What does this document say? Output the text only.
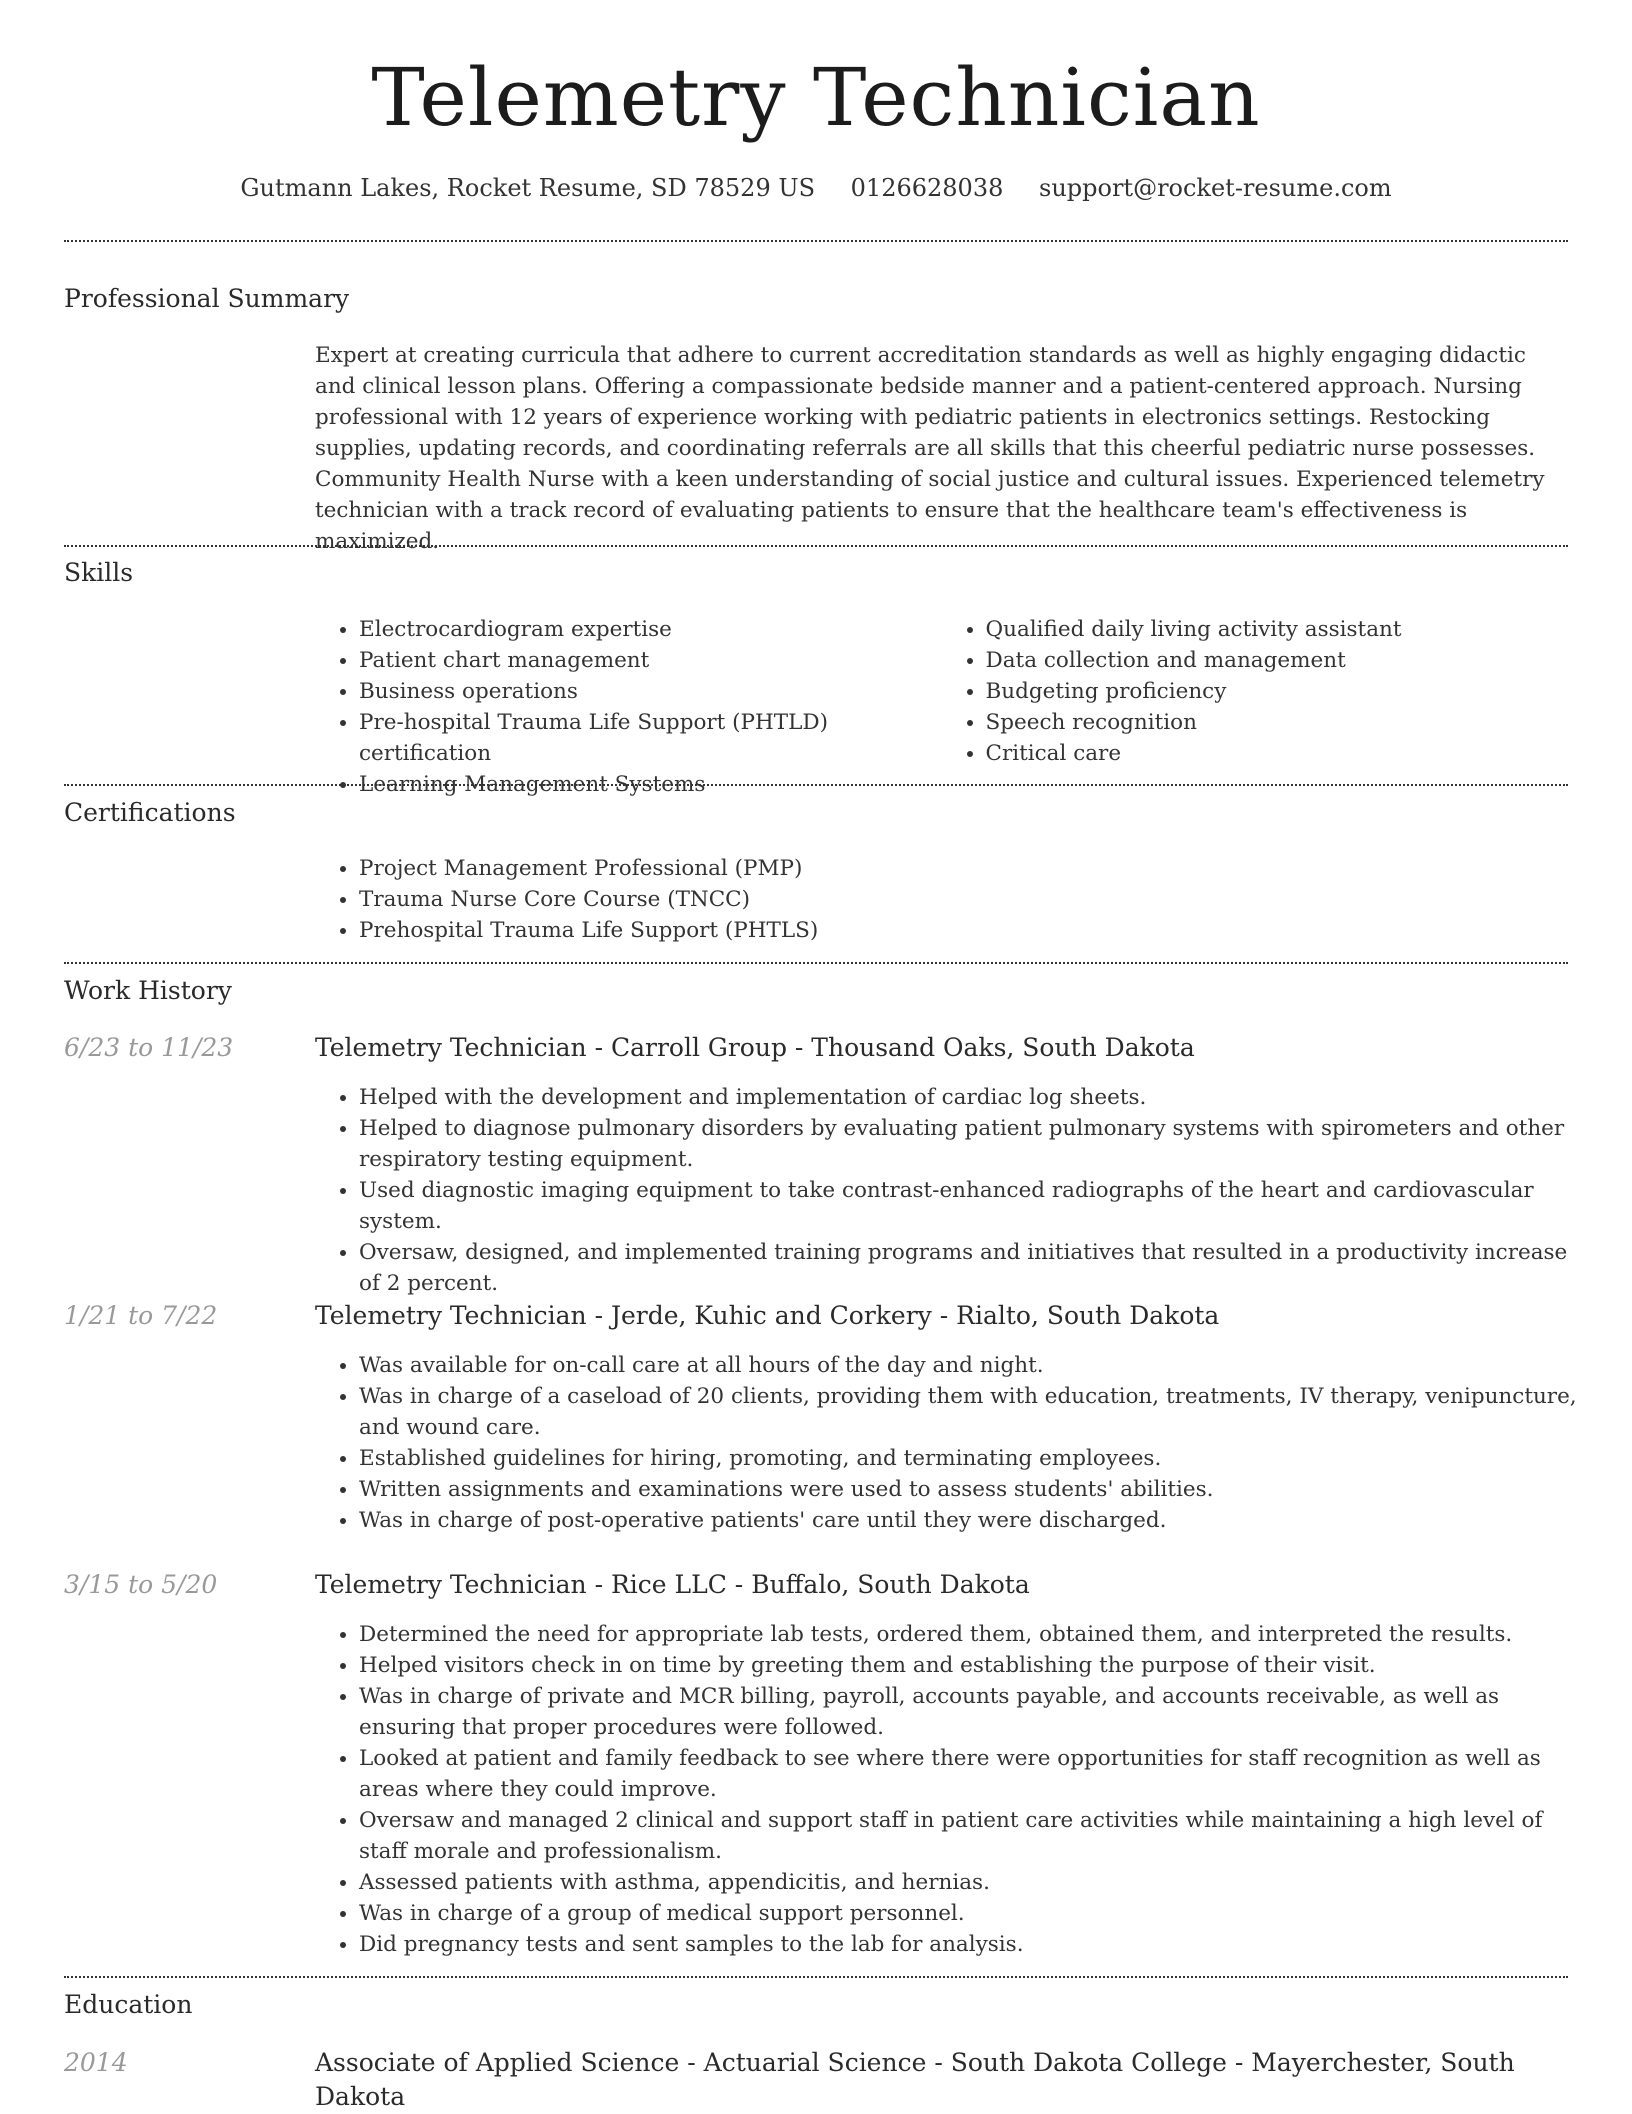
Telemetry Technician
Gutmann Lakes, Rocket Resume, SD 78529 US 0126628038 support@rocket-resume.com
Professional Summary

Expert at creating curricula that adhere to current accreditation standards as well as highly engaging didactic and clinical lesson plans. Offering a compassionate bedside manner and a patient-centered approach. Nursing professional with 12 years of experience working with pediatric patients in electronics settings. Restocking supplies, updating records, and coordinating referrals are all skills that this cheerful pediatric nurse possesses. Community Health Nurse with a keen understanding of social justice and cultural issues. Experienced telemetry technician with a track record of evaluating patients to ensure that the healthcare team's effectiveness is maximized.

Skills
• Electrocardiogram expertise
• Patient chart management
• Business operations
• Pre-hospital Trauma Life Support (PHTLD) certification
• Learning Management Systems
• Qualified daily living activity assistant
• Data collection and management
• Budgeting proficiency
• Speech recognition
• Critical care
Certifications
• Project Management Professional (PMP)
• Trauma Nurse Core Course (TNCC)
• Prehospital Trauma Life Support (PHTLS)
Work History
6/23 to 11/23	Telemetry Technician - Carroll Group - Thousand Oaks, South Dakota
• Helped with the development and implementation of cardiac log sheets.
• Helped to diagnose pulmonary disorders by evaluating patient pulmonary systems with spirometers and other respiratory testing equipment.
• Used diagnostic imaging equipment to take contrast-enhanced radiographs of the heart and cardiovascular system.
• Oversaw, designed, and implemented training programs and initiatives that resulted in a productivity increase of 2 percent.
1/21 to 7/22	Telemetry Technician - Jerde, Kuhic and Corkery - Rialto, South Dakota
• Was available for on-call care at all hours of the day and night.
• Was in charge of a caseload of 20 clients, providing them with education, treatments, IV therapy, venipuncture, and wound care.
• Established guidelines for hiring, promoting, and terminating employees.
• Written assignments and examinations were used to assess students' abilities.
• Was in charge of post-operative patients' care until they were discharged.
3/15 to 5/20	Telemetry Technician - Rice LLC - Buffalo, South Dakota
• Determined the need for appropriate lab tests, ordered them, obtained them, and interpreted the results.
• Helped visitors check in on time by greeting them and establishing the purpose of their visit.
• Was in charge of private and MCR billing, payroll, accounts payable, and accounts receivable, as well as ensuring that proper procedures were followed.
• Looked at patient and family feedback to see where there were opportunities for staff recognition as well as areas where they could improve.
• Oversaw and managed 2 clinical and support staff in patient care activities while maintaining a high level of staff morale and professionalism.
• Assessed patients with asthma, appendicitis, and hernias.
• Was in charge of a group of medical support personnel.
• Did pregnancy tests and sent samples to the lab for analysis.
Education
2014	Associate of Applied Science - Actuarial Science - South Dakota College - Mayerchester, South Dakota
